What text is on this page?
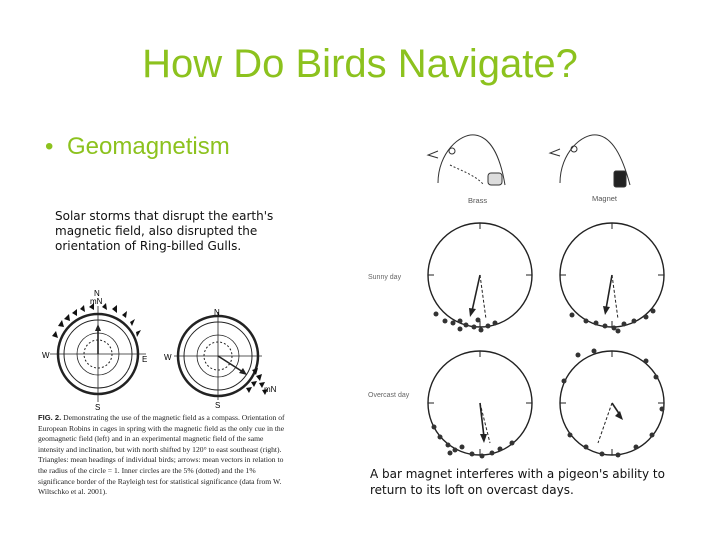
How Do Birds Navigate?
• Geomagnetism
Solar storms that disrupt the earth's magnetic field, also disrupted the orientation of Ring-billed Gulls.
N
mN
W	E
S
N
W
mN
S
FIG. 2. Demonstrating the use of the magnetic field as a compass. Orientation of European Robins in cages in spring with the magnetic field as the only cue in the geomagnetic field (left) and in an experimental magnetic field of the same intensity and inclination, but with north shifted by 120° to east southeast (right). Triangles: mean headings of individual birds; arrows: mean vectors in relation to the radius of the circle = 1. Inner circles are the 5% (dotted) and the 1% significance border of the Rayleigh test for statistical significance (data from W. Wiltschko et al. 2001).
Brass	Magnet
Sunny day
Overcast day
A bar magnet interferes with a pigeon's ability to return to its loft on overcast days.
